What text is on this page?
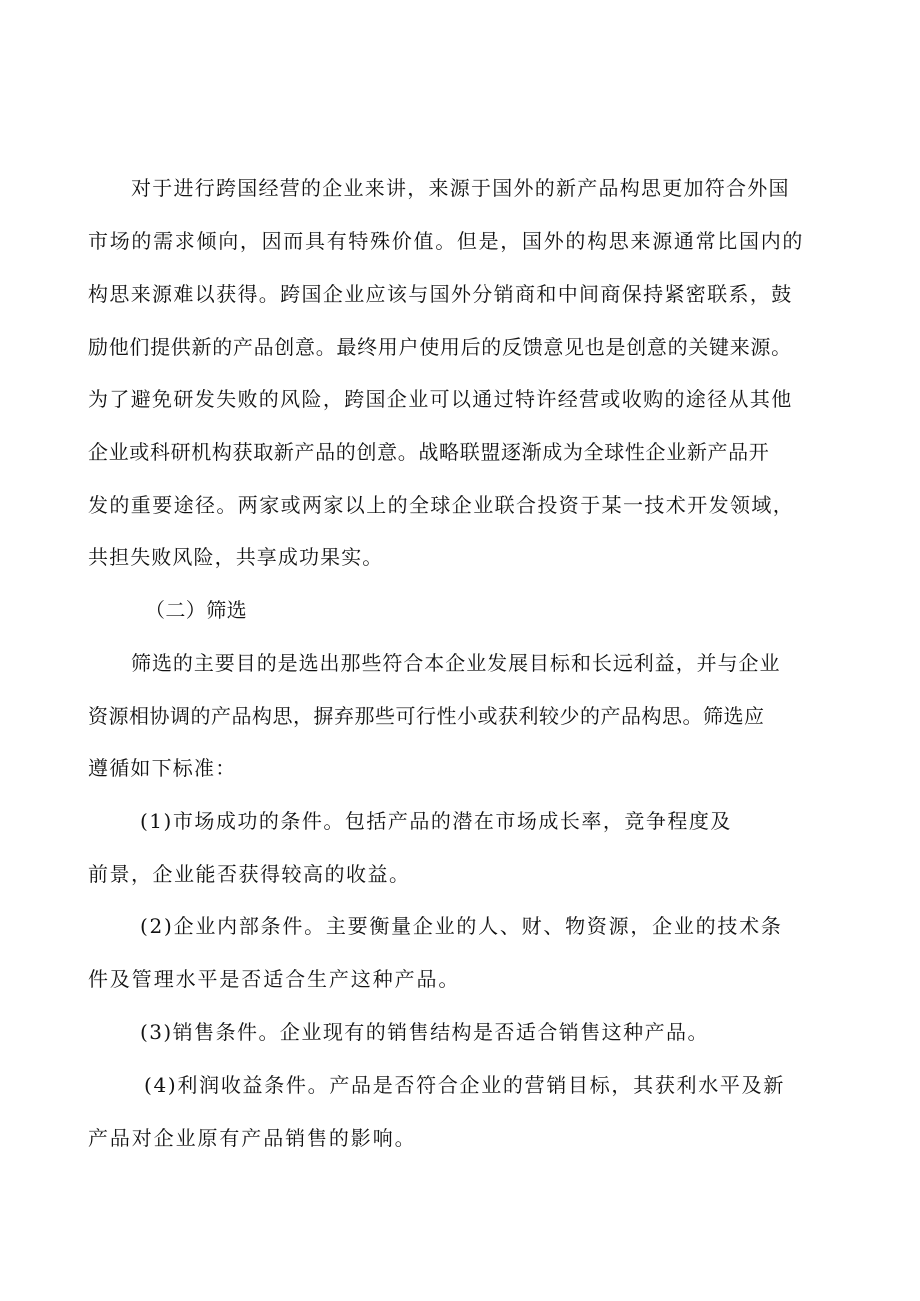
对于进行跨国经营的企业来讲，来源于国外的新产品构思更加符合外国
市场的需求倾向，因而具有特殊价值。但是，国外的构思来源通常比国内的
构思来源难以获得。跨国企业应该与国外分销商和中间商保持紧密联系，鼓
励他们提供新的产品创意。最终用户使用后的反馈意见也是创意的关键来源。
为了避免研发失败的风险，跨国企业可以通过特许经营或收购的途径从其他
企业或科研机构获取新产品的创意。战略联盟逐渐成为全球性企业新产品开
发的重要途径。两家或两家以上的全球企业联合投资于某一技术开发领域，
共担失败风险，共享成功果实。
（二）筛选
筛选的主要目的是选出那些符合本企业发展目标和长远利益，并与企业
资源相协调的产品构思，摒弃那些可行性小或获利较少的产品构思。筛选应
遵循如下标准：
(1)市场成功的条件。包括产品的潜在市场成长率，竞争程度及
前景，企业能否获得较高的收益。
(2)企业内部条件。主要衡量企业的人、财、物资源，企业的技术条
件及管理水平是否适合生产这种产品。
(3)销售条件。企业现有的销售结构是否适合销售这种产品。
(4)利润收益条件。产品是否符合企业的营销目标，其获利水平及新
产品对企业原有产品销售的影响。
